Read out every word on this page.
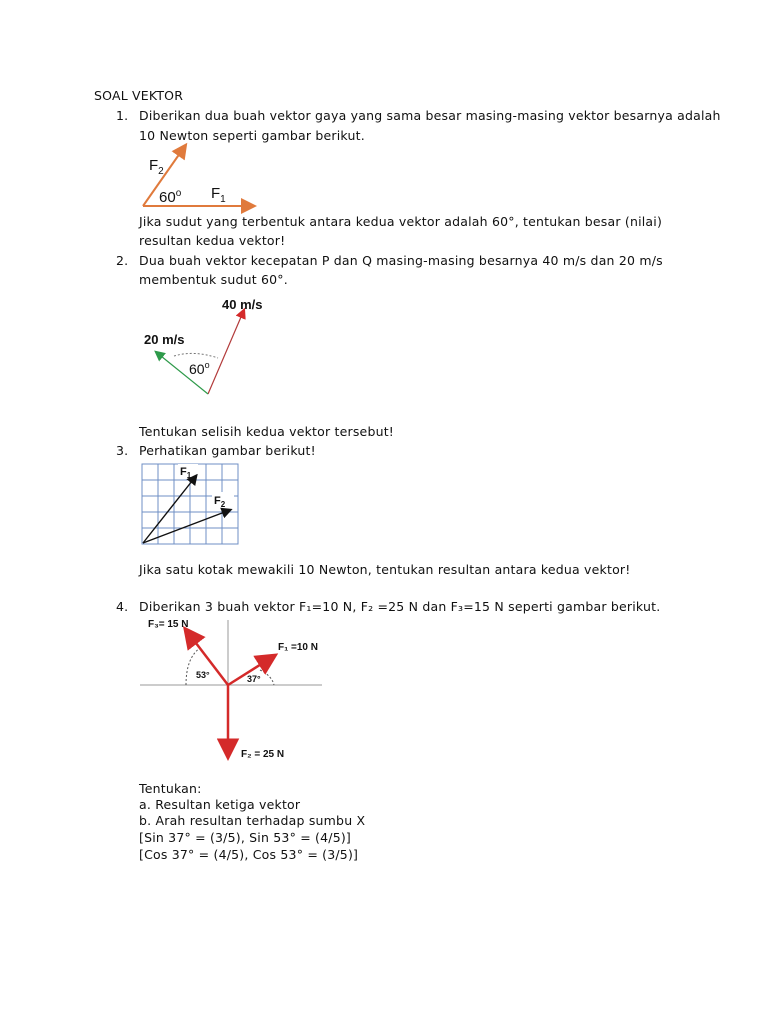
SOAL VEKTOR
1. Diberikan dua buah vektor gaya yang sama besar masing-masing vektor besarnya adalah
10 Newton seperti gambar berikut.
$F_2$
60$^o$ $F_1$
Jika sudut yang terbentuk antara kedua vektor adalah 60°, tentukan besar (nilai)
resultan kedua vektor!
2. Dua buah vektor kecepatan P dan Q masing-masing besarnya 40 m/s dan 20 m/s
membentuk sudut 60°.
40 m/s
20 m/s
60$^o$
Tentukan selisih kedua vektor tersebut!
3. Perhatikan gambar berikut!
$F_1$
$F_2$
Jika satu kotak mewakili 10 Newton, tentukan resultan antara kedua vektor!
4. Diberikan 3 buah vektor F₁=10 N, F₂ =25 N dan F₃=15 N seperti gambar berikut.
F₃= 15 N
F₁ =10 N
F₂ = 25 N
53°	37°
Tentukan:
a. Resultan ketiga vektor
b. Arah resultan terhadap sumbu X
[Sin 37° = (3/5), Sin 53° = (4/5)]
[Cos 37° = (4/5), Cos 53° = (3/5)]
